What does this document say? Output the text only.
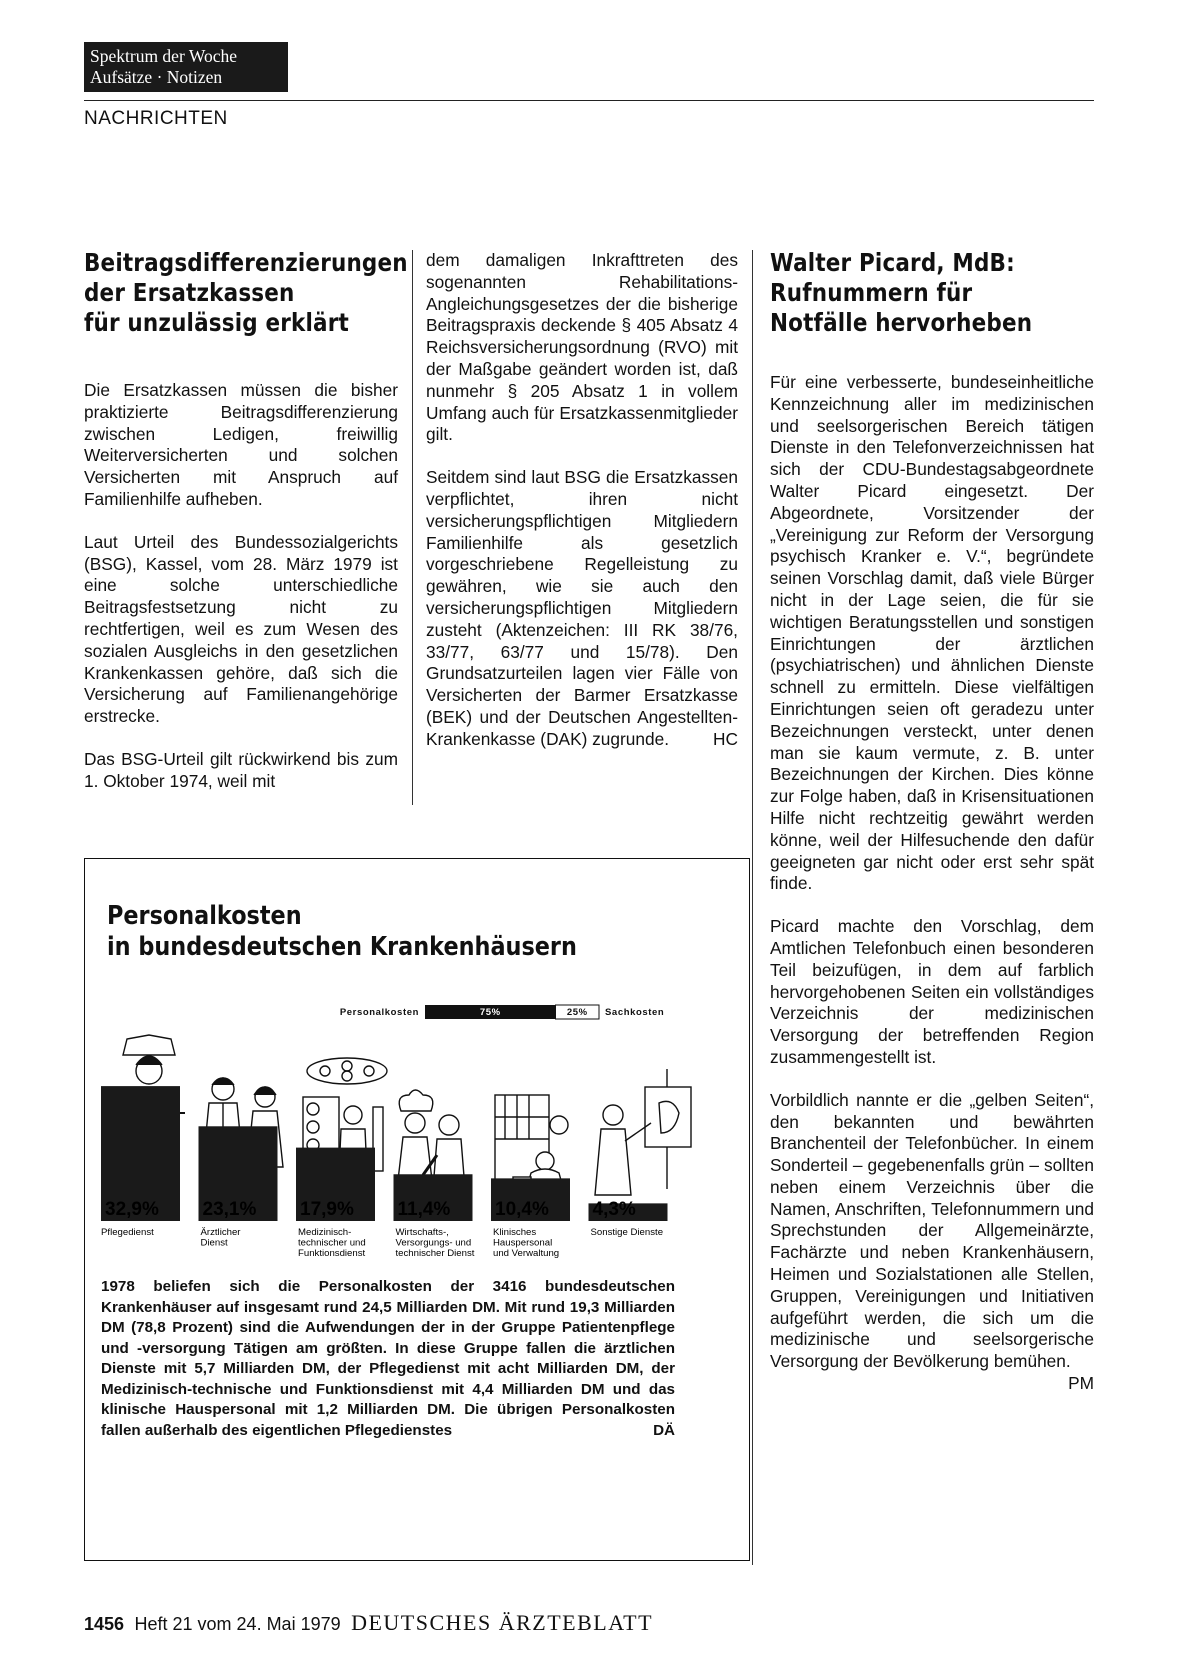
Spektrum der Woche
Aufsätze · Notizen
NACHRICHTEN
Beitragsdifferenzierungen
der Ersatzkassen
für unzulässig erklärt

Die Ersatzkassen müssen die bisher praktizierte Beitragsdifferenzierung zwischen Ledigen, freiwillig Weiterversicherten und solchen Versicherten mit Anspruch auf Familienhilfe aufheben.

Laut Urteil des Bundessozialgerichts (BSG), Kassel, vom 28. März 1979 ist eine solche unterschiedliche Beitragsfestsetzung nicht zu rechtfertigen, weil es zum Wesen des sozialen Ausgleichs in den gesetzlichen Krankenkassen gehöre, daß sich die Versicherung auf Familienangehörige erstrecke.

Das BSG-Urteil gilt rückwirkend bis zum 1. Oktober 1974, weil mit

dem damaligen Inkrafttreten des sogenannten Rehabilitations-Angleichungsgesetzes der die bisherige Beitragspraxis deckende § 405 Absatz 4 Reichsversicherungsordnung (RVO) mit der Maßgabe geändert worden ist, daß nunmehr § 205 Absatz 1 in vollem Umfang auch für Ersatzkassenmitglieder gilt.

Seitdem sind laut BSG die Ersatzkassen verpflichtet, ihren nicht versicherungspflichtigen Mitgliedern Familienhilfe als gesetzlich vorgeschriebene Regelleistung zu gewähren, wie sie auch den versicherungspflichtigen Mitgliedern zusteht (Aktenzeichen: III RK 38/76, 33/77, 63/77 und 15/78). Den Grundsatzurteilen lagen vier Fälle von Versicherten der Barmer Ersatzkasse (BEK) und der Deutschen Angestellten-Krankenkasse (DAK) zugrunde.	HC

Walter Picard, MdB:
Rufnummern für
Notfälle hervorheben

Für eine verbesserte, bundeseinheitliche Kennzeichnung aller im medizinischen und seelsorgerischen Bereich tätigen Dienste in den Telefonverzeichnissen hat sich der CDU-Bundestagsabgeordnete Walter Picard eingesetzt. Der Abgeordnete, Vorsitzender der „Vereinigung zur Reform der Versorgung psychisch Kranker e. V.“, begründete seinen Vorschlag damit, daß viele Bürger nicht in der Lage seien, die für sie wichtigen Beratungsstellen und sonstigen Einrichtungen der ärztlichen (psychiatrischen) und ähnlichen Dienste schnell zu ermitteln. Diese vielfältigen Einrichtungen seien oft geradezu unter Bezeichnungen versteckt, unter denen man sie kaum vermute, z. B. unter Bezeichnungen der Kirchen. Dies könne zur Folge haben, daß in Krisensituationen Hilfe nicht rechtzeitig gewährt werden könne, weil der Hilfesuchende den dafür geeigneten gar nicht oder erst sehr spät finde.

Picard machte den Vorschlag, dem Amtlichen Telefonbuch einen besonderen Teil beizufügen, in dem auf farblich hervorgehobenen Seiten ein vollständiges Verzeichnis der medizinischen Versorgung der betreffenden Region zusammengestellt ist.

Vorbildlich nannte er die „gelben Seiten“, den bekannten und bewährten Branchenteil der Telefonbücher. In einem Sonderteil – gegebenenfalls grün – sollten neben einem Verzeichnis über die Namen, Anschriften, Telefonnummern und Sprechstunden der Allgemeinärzte, Fachärzte und neben Krankenhäusern, Heimen und Sozialstationen alle Stellen, Gruppen, Vereinigungen und Initiativen aufgeführt werden, die sich um die medizinische und seelsorgerische Versorgung der Bevölkerung bemühen.
PM

Personalkosten
in bundesdeutschen Krankenhäusern
Personalkosten	75%	25% Sachkosten
32,9%
Pflegedienst
23,1%
Ärztlicher
Dienst
17,9%
Medizinisch-
technischer und
Funktionsdienst
11,4%
Wirtschafts-,
Versorgungs- und
technischer Dienst
10,4%
Klinisches
Hauspersonal
und Verwaltung
4,3%
Sonstige Dienste
1978 beliefen sich die Personalkosten der 3416 bundesdeutschen Krankenhäuser auf insgesamt rund 24,5 Milliarden DM. Mit rund 19,3 Milliarden DM (78,8 Prozent) sind die Aufwendungen der in der Gruppe Patientenpflege und -versorgung Tätigen am größten. In diese Gruppe fallen die ärztlichen Dienste mit 5,7 Milliarden DM, der Pflegedienst mit acht Milliarden DM, der Medizinisch-technische und Funktionsdienst mit 4,4 Milliarden DM und das klinische Hauspersonal mit 1,2 Milliarden DM. Die übrigen Personalkosten fallen außerhalb des eigentlichen Pflegedienstes	DÄ
1456 Heft 21 vom 24. Mai 1979 DEUTSCHES ÄRZTEBLATT
